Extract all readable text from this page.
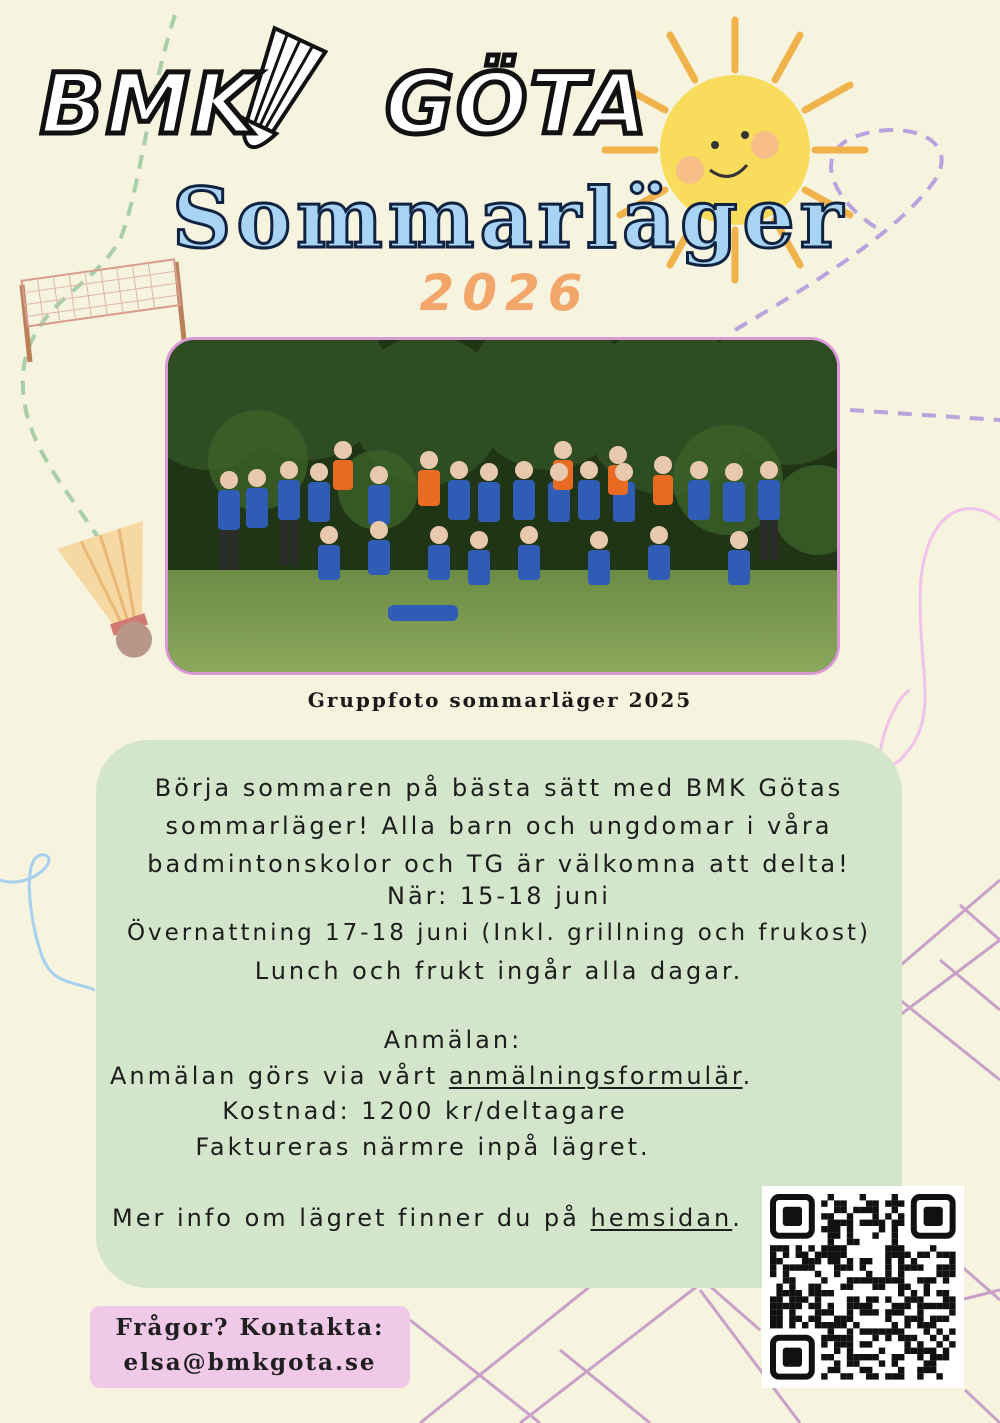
BMK GÖTA
Sommarläger
2026
Gruppfoto sommarläger 2025
Börja sommaren på bästa sätt med BMK Götas
sommarläger! Alla barn och ungdomar i våra
badmintonskolor och TG är välkomna att delta!
När: 15-18 juni
Övernattning 17-18 juni (Inkl. grillning och frukost)
Lunch och frukt ingår alla dagar.
Anmälan:
Anmälan görs via vårt anmälningsformulär.
Kostnad: 1200 kr/deltagare
Faktureras närmre inpå lägret.
Mer info om lägret finner du på hemsidan.
Frågor? Kontakta:
elsa@bmkgota.se
